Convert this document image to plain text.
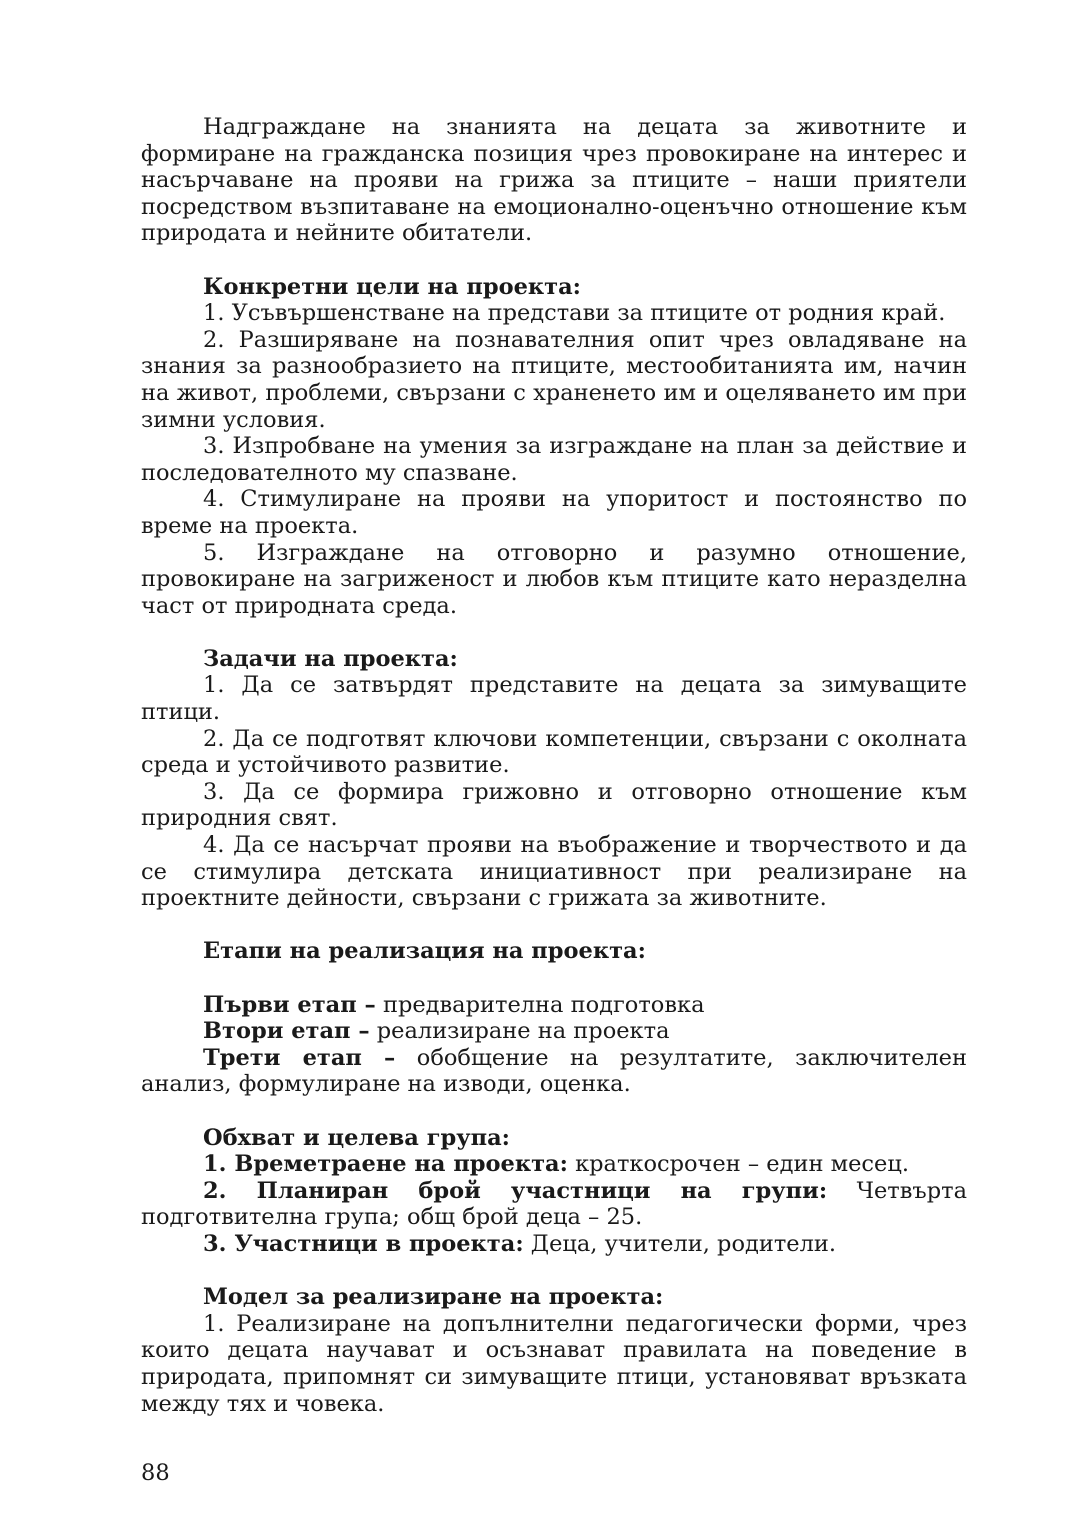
Надграждане на знанията на децата за животните и формиране на гражданска позиция чрез провокиране на интерес и насърчаване на прояви на грижа за птиците – наши приятели посредством възпитаване на емоционално-оценъчно отношение към природата и нейните обитатели.

Конкретни цели на проекта:

1. Усъвършенстване на представи за птиците от родния край.

2. Разширяване на познавателния опит чрез овладяване на знания за разнообразието на птиците, местообитанията им, начин на живот, проблеми, свързани с храненето им и оцеляването им при зимни условия.

3. Изпробване на умения за изграждане на план за действие и последователното му спазване.

4. Стимулиране на прояви на упоритост и постоянство по време на проекта.

5. Изграждане на отговорно и разумно отношение, провокиране на загриженост и любов към птиците като неразделна част от природната среда.

Задачи на проекта:

1. Да се затвърдят представите на децата за зимуващите птици.

2. Да се подготвят ключови компетенции, свързани с околната среда и устойчивото развитие.

3. Да се формира грижовно и отговорно отношение към природния свят.

4. Да се насърчат прояви на въображение и творчеството и да се стимулира детската инициативност при реализиране на проектните дейности, свързани с грижата за животните.

Етапи на реализация на проекта:

Първи етап – предварителна подготовка

Втори етап – реализиране на проекта

Трети етап – обобщение на резултатите, заключителен анализ, формулиране на изводи, оценка.

Обхват и целева група:

1. Времетраене на проекта: краткосрочен – един месец.

2. Планиран брой участници на групи: Четвърта подготвителна група; общ брой деца – 25.

3. Участници в проекта: Деца, учители, родители.

Модел за реализиране на проекта:

1. Реализиране на допълнителни педагогически форми, чрез които децата научават и осъзнават правилата на поведение в природата, припомнят си зимуващите птици, установяват връзката между тях и човека.

88
